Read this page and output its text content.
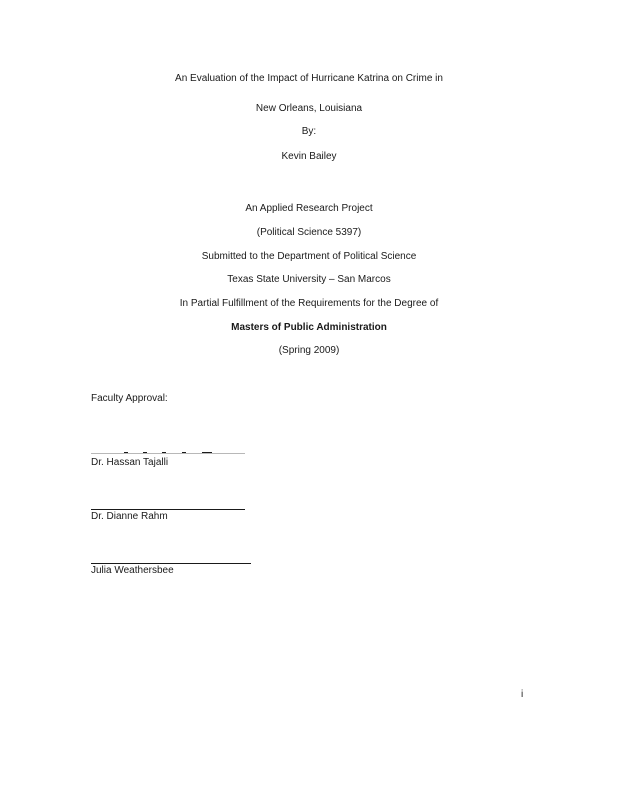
An Evaluation of the Impact of Hurricane Katrina on Crime in
New Orleans, Louisiana
By:
Kevin Bailey
An Applied Research Project
(Political Science 5397)
Submitted to the Department of Political Science
Texas State University – San Marcos
In Partial Fulfillment of the Requirements for the Degree of
Masters of Public Administration
(Spring 2009)
Faculty Approval:
Dr. Hassan Tajalli
Dr. Dianne Rahm
Julia Weathersbee
i
